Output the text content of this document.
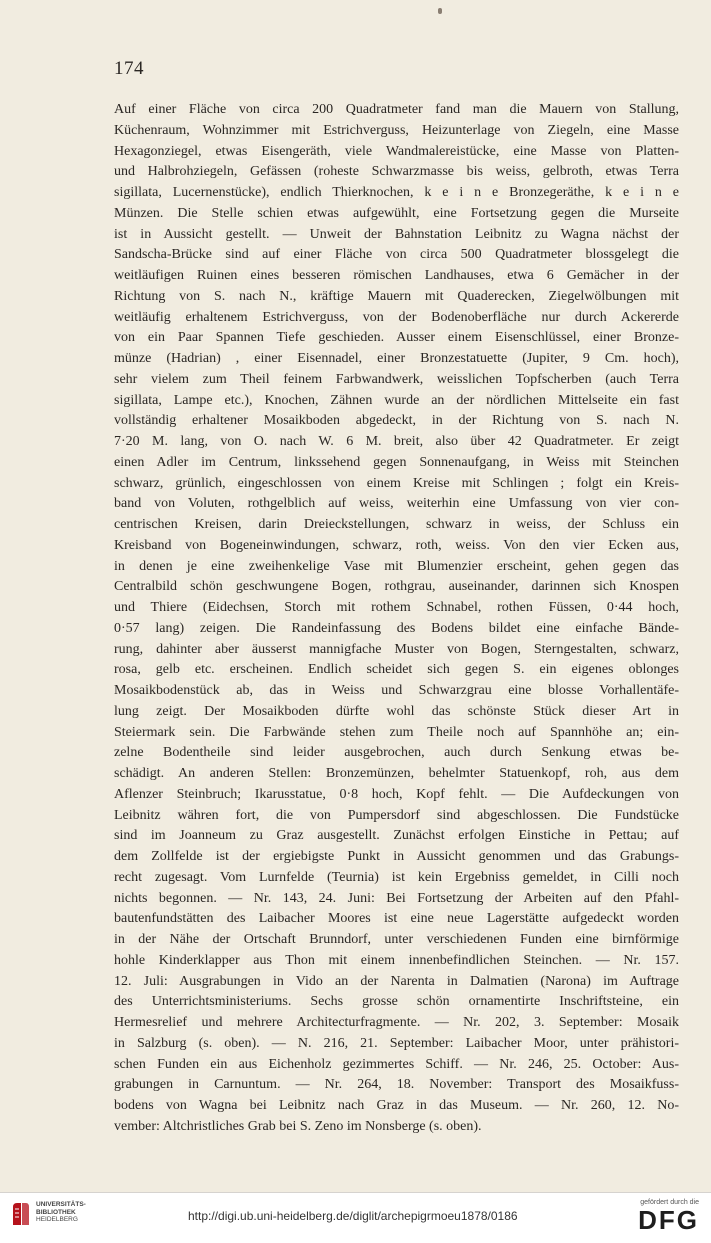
174
Auf einer Fläche von circa 200 Quadratmeter fand man die Mauern von Stallung,
Küchenraum, Wohnzimmer mit Estrichverguss, Heizunterlage von Ziegeln, eine Masse
Hexagonziegel, etwas Eisengeräth, viele Wandmalereistücke, eine Masse von Platten-
und Halbrohziegeln, Gefässen (roheste Schwarzmasse bis weiss, gelbroth, etwas Terra
sigillata, Lucernenstücke), endlich Thierknochen, k e i n e Bronzegeräthe, k e i n e
Münzen. Die Stelle schien etwas aufgewühlt, eine Fortsetzung gegen die Murseite
ist in Aussicht gestellt. — Unweit der Bahnstation Leibnitz zu Wagna nächst der
Sandscha-Brücke sind auf einer Fläche von circa 500 Quadratmeter blossgelegt die
weitläufigen Ruinen eines besseren römischen Landhauses, etwa 6 Gemächer in der
Richtung von S. nach N., kräftige Mauern mit Quaderecken, Ziegelwölbungen mit
weitläufig erhaltenem Estrichverguss, von der Bodenoberfläche nur durch Ackererde
von ein Paar Spannen Tiefe geschieden. Ausser einem Eisenschlüssel, einer Bronze-
münze (Hadrian) , einer Eisennadel, einer Bronzestatuette (Jupiter, 9 Cm. hoch),
sehr vielem zum Theil feinem Farbwandwerk, weisslichen Topfscherben (auch Terra
sigillata, Lampe etc.), Knochen, Zähnen wurde an der nördlichen Mittelseite ein fast
vollständig erhaltener Mosaikboden abgedeckt, in der Richtung von S. nach N.
7·20 M. lang, von O. nach W. 6 M. breit, also über 42 Quadratmeter. Er zeigt
einen Adler im Centrum, linkssehend gegen Sonnenaufgang, in Weiss mit Steinchen
schwarz, grünlich, eingeschlossen von einem Kreise mit Schlingen ; folgt ein Kreis-
band von Voluten, rothgelblich auf weiss, weiterhin eine Umfassung von vier con-
centrischen Kreisen, darin Dreieckstellungen, schwarz in weiss, der Schluss ein
Kreisband von Bogeneinwindungen, schwarz, roth, weiss. Von den vier Ecken aus,
in denen je eine zweihenkelige Vase mit Blumenzier erscheint, gehen gegen das
Centralbild schön geschwungene Bogen, rothgrau, auseinander, darinnen sich Knospen
und Thiere (Eidechsen, Storch mit rothem Schnabel, rothen Füssen, 0·44 hoch,
0·57 lang) zeigen. Die Randeinfassung des Bodens bildet eine einfache Bände-
rung, dahinter aber äusserst mannigfache Muster von Bogen, Sterngestalten, schwarz,
rosa, gelb etc. erscheinen. Endlich scheidet sich gegen S. ein eigenes oblonges
Mosaikbodenstück ab, das in Weiss und Schwarzgrau eine blosse Vorhallentäfe-
lung zeigt. Der Mosaikboden dürfte wohl das schönste Stück dieser Art in
Steiermark sein. Die Farbwände stehen zum Theile noch auf Spannhöhe an; ein-
zelne Bodentheile sind leider ausgebrochen, auch durch Senkung etwas be-
schädigt. An anderen Stellen: Bronzemünzen, behelmter Statuenkopf, roh, aus dem
Aflenzer Steinbruch; Ikarusstatue, 0·8 hoch, Kopf fehlt. — Die Aufdeckungen von
Leibnitz währen fort, die von Pumpersdorf sind abgeschlossen. Die Fundstücke
sind im Joanneum zu Graz ausgestellt. Zunächst erfolgen Einstiche in Pettau; auf
dem Zollfelde ist der ergiebigste Punkt in Aussicht genommen und das Grabungs-
recht zugesagt. Vom Lurnfelde (Teurnia) ist kein Ergebniss gemeldet, in Cilli noch
nichts begonnen. — Nr. 143, 24. Juni: Bei Fortsetzung der Arbeiten auf den Pfahl-
bautenfundstätten des Laibacher Moores ist eine neue Lagerstätte aufgedeckt worden
in der Nähe der Ortschaft Brunndorf, unter verschiedenen Funden eine birnförmige
hohle Kinderklapper aus Thon mit einem innenbefindlichen Steinchen. — Nr. 157.
12. Juli: Ausgrabungen in Vido an der Narenta in Dalmatien (Narona) im Auftrage
des Unterrichtsministeriums. Sechs grosse schön ornamentirte Inschriftsteine, ein
Hermesrelief und mehrere Architecturfragmente. — Nr. 202, 3. September: Mosaik
in Salzburg (s. oben). — N. 216, 21. September: Laibacher Moor, unter prähistori-
schen Funden ein aus Eichenholz gezimmertes Schiff. — Nr. 246, 25. October: Aus-
grabungen in Carnuntum. — Nr. 264, 18. November: Transport des Mosaikfuss-
bodens von Wagna bei Leibnitz nach Graz in das Museum. — Nr. 260, 12. No-
vember: Altchristliches Grab bei S. Zeno im Nonsberge (s. oben).
UNIVERSITÄTS-
BIBLIOTHEK
HEIDELBERG	http://digi.ub.uni-heidelberg.de/diglit/archepigrmoeu1878/0186
gefördert durch die
DFG
